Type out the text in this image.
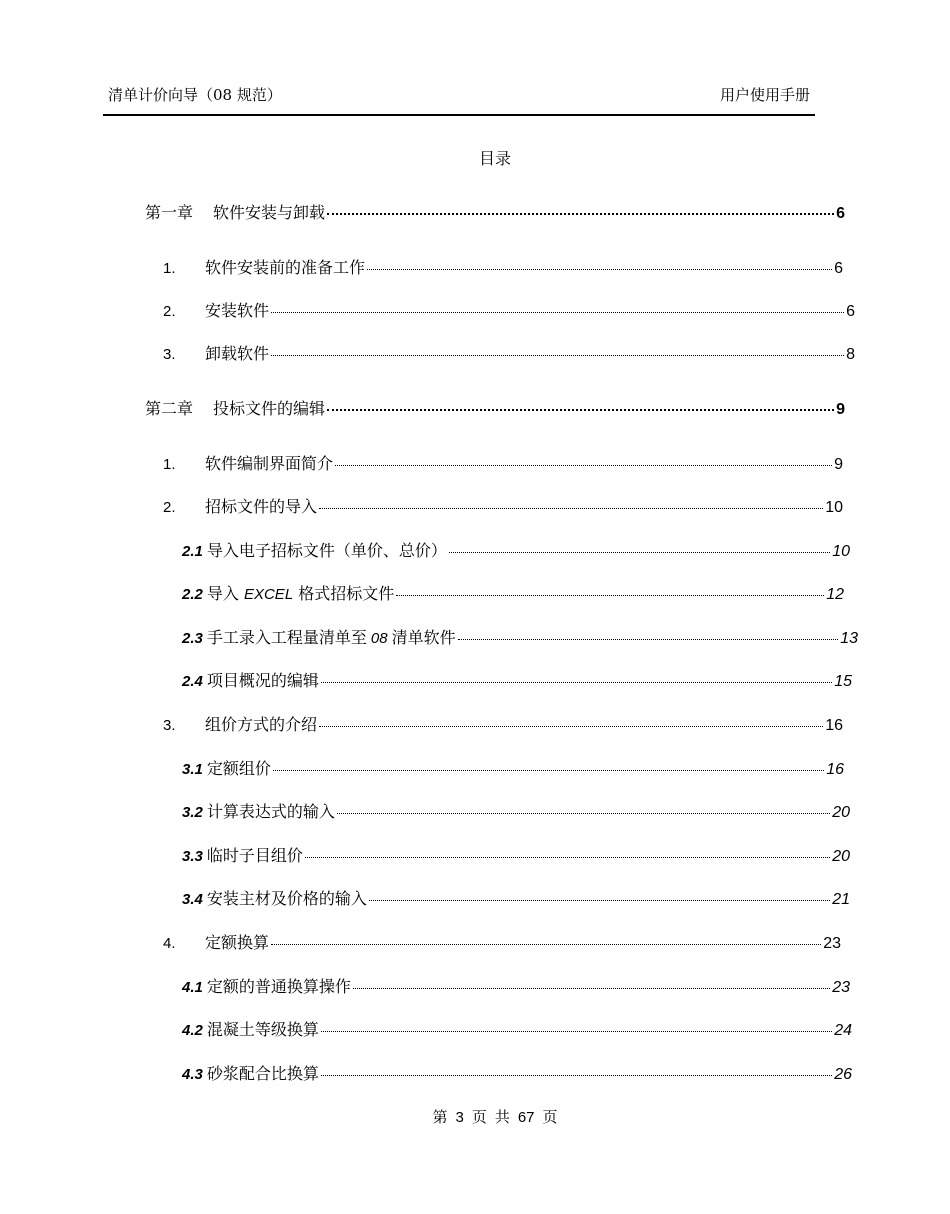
清单计价向导（08 规范）	用户使用手册
目录
第一章 软件安装与卸载	6
1.	软件安装前的准备工作	6
2.	安装软件	6
3.	卸载软件	8
第二章 投标文件的编辑	9
1.	软件编制界面简介	9
2.	招标文件的导入	10
2.1 导入电子招标文件（单价、总价）	10
2.2 导入 EXCEL 格式招标文件	12
2.3 手工录入工程量清单至 08 清单软件	13
2.4 项目概况的编辑	15
3.	组价方式的介绍	16
3.1 定额组价	16
3.2 计算表达式的输入	20
3.3 临时子目组价	20
3.4 安装主材及价格的输入	21
4.	定额换算	23
4.1 定额的普通换算操作	23
4.2 混凝土等级换算	24
4.3 砂浆配合比换算	26
第 3 页 共 67 页
